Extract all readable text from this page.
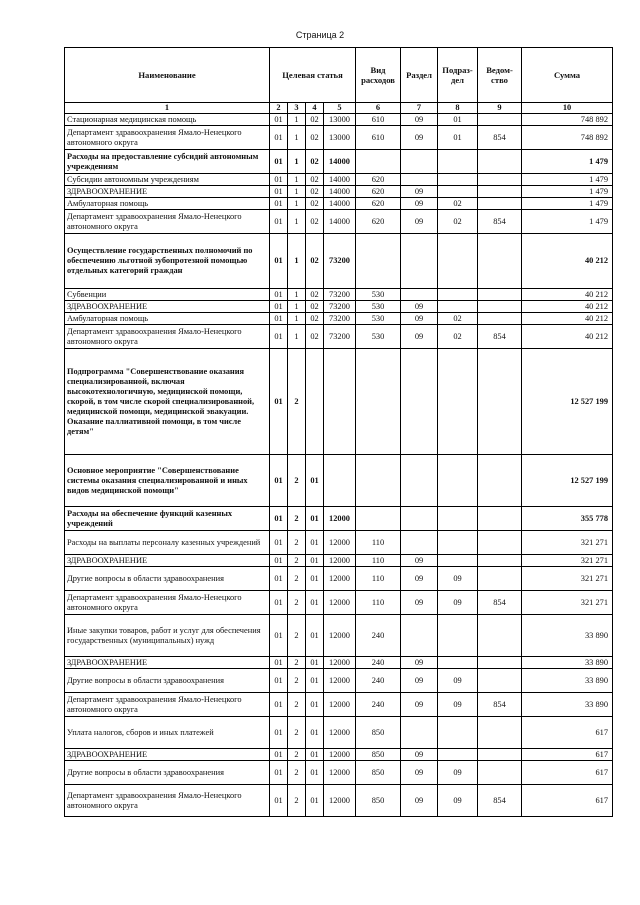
Страница 2
Наименование	Целевая статья				Вид расходов	Раздел	Подраз-дел	Ведом-ство	Сумма
1	2	3	4	5	6	7	8	9	10
Стационарная медицинская помощь	01	1	02	13000	610	09	01		748 892
Департамент здравоохранения Ямало-Ненецкого автономного округа	01	1	02	13000	610	09	01	854	748 892
Расходы на предоставление субсидий автономным учреждениям	01	1	02	14000					1 479
Субсидии автономным учреждениям	01	1	02	14000	620				1 479
ЗДРАВООХРАНЕНИЕ	01	1	02	14000	620	09			1 479
Амбулаторная помощь	01	1	02	14000	620	09	02		1 479
Департамент здравоохранения Ямало-Ненецкого автономного округа	01	1	02	14000	620	09	02	854	1 479
Осуществление государственных полномочий по обеспечению льготной зубопротезной помощью отдельных категорий граждан	01	1	02	73200					40 212
Субвенции	01	1	02	73200	530				40 212
ЗДРАВООХРАНЕНИЕ	01	1	02	73200	530	09			40 212
Амбулаторная помощь	01	1	02	73200	530	09	02		40 212
Департамент здравоохранения Ямало-Ненецкого автономного округа	01	1	02	73200	530	09	02	854	40 212
Подпрограмма "Совершенствование оказания специализированной, включая высокотехнологичную, медицинской помощи, скорой, в том числе скорой специализированной, медицинской помощи, медицинской эвакуации. Оказание паллиативной помощи, в том числе детям"	01	2							12 527 199
Основное мероприятие "Совершенствование системы оказания специализированной и иных видов медицинской помощи"	01	2	01						12 527 199
Расходы на обеспечение функций казенных учреждений	01	2	01	12000					355 778
Расходы на выплаты персоналу казенных учреждений	01	2	01	12000	110				321 271
ЗДРАВООХРАНЕНИЕ	01	2	01	12000	110	09			321 271
Другие вопросы в области здравоохранения	01	2	01	12000	110	09	09		321 271
Департамент здравоохранения Ямало-Ненецкого автономного округа	01	2	01	12000	110	09	09	854	321 271
Иные закупки товаров, работ и услуг для обеспечения государственных (муниципальных) нужд	01	2	01	12000	240				33 890
ЗДРАВООХРАНЕНИЕ	01	2	01	12000	240	09			33 890
Другие вопросы в области здравоохранения	01	2	01	12000	240	09	09		33 890
Департамент здравоохранения Ямало-Ненецкого автономного округа	01	2	01	12000	240	09	09	854	33 890
Уплата налогов, сборов и иных платежей	01	2	01	12000	850				617
ЗДРАВООХРАНЕНИЕ	01	2	01	12000	850	09			617
Другие вопросы в области здравоохранения	01	2	01	12000	850	09	09		617
Департамент здравоохранения Ямало-Ненецкого автономного округа	01	2	01	12000	850	09	09	854	617
